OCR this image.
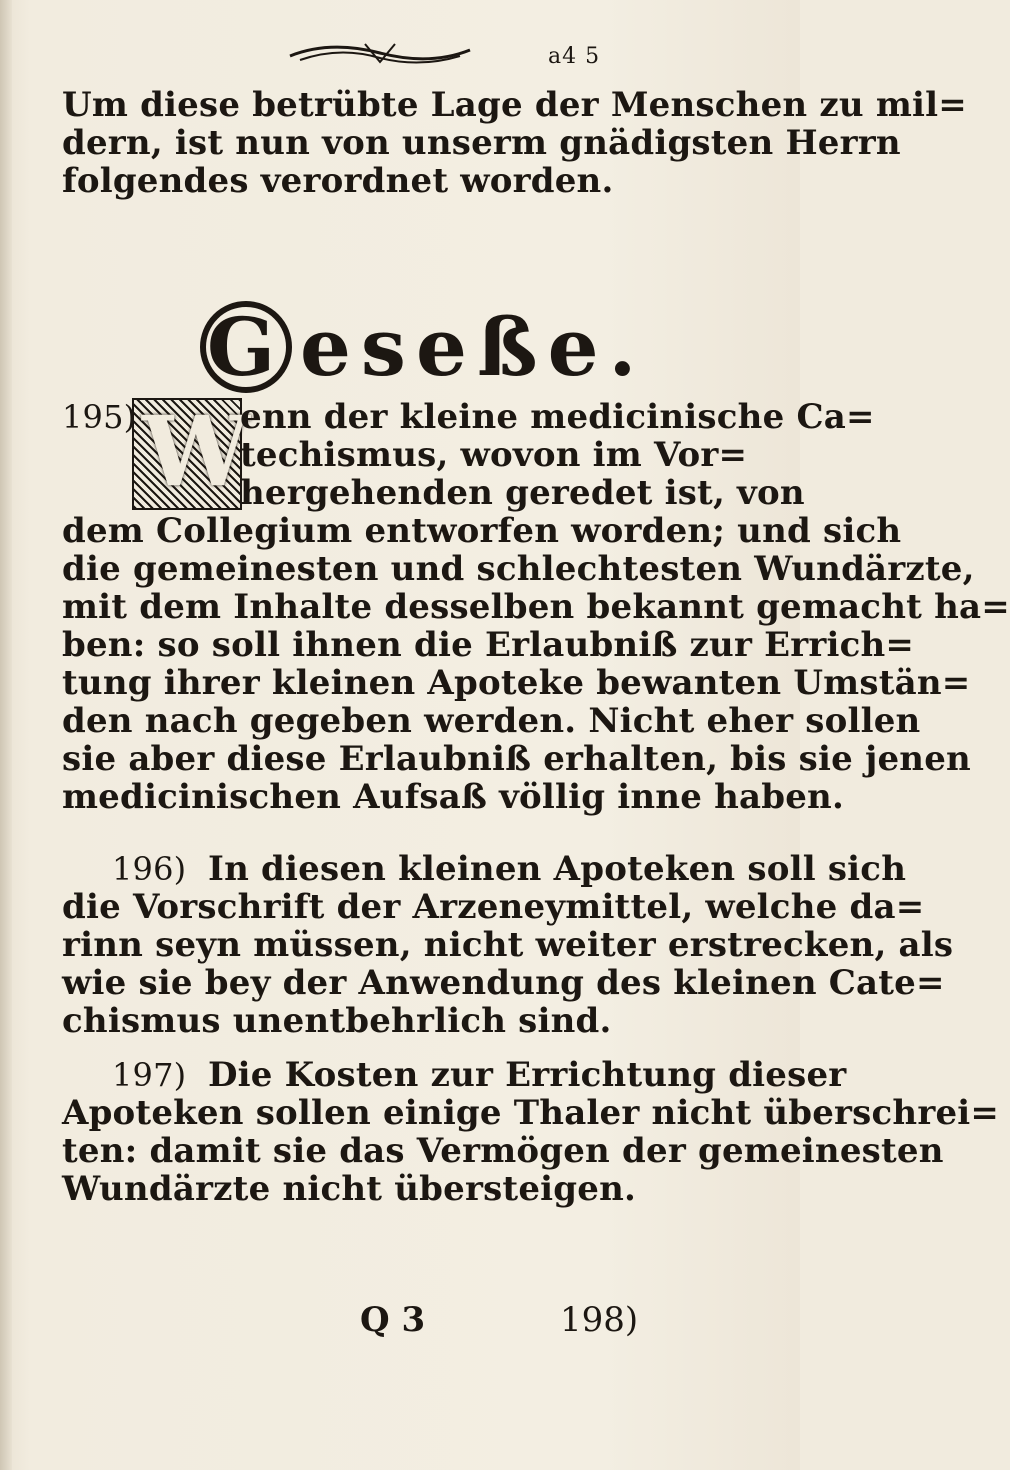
a4 5
Um diese betrübte Lage der Menschen zu mil=
dern, ist nun von unserm gnädigsten Herrn
folgendes verordnet worden.
G eseße.
W
195)	enn der kleine medicinische Ca=
techismus, wovon im Vor=
hergehenden geredet ist, von
dem Collegium entworfen worden; und sich
die gemeinesten und schlechtesten Wundärzte,
mit dem Inhalte desselben bekannt gemacht ha=
ben: so soll ihnen die Erlaubniß zur Errich=
tung ihrer kleinen Apoteke bewanten Umstän=
den nach gegeben werden. Nicht eher sollen
sie aber diese Erlaubniß erhalten, bis sie jenen
medicinischen Aufsaß völlig inne haben.
196) In diesen kleinen Apoteken soll sich
die Vorschrift der Arzeneymittel, welche da=
rinn seyn müssen, nicht weiter erstrecken, als
wie sie bey der Anwendung des kleinen Cate=
chismus unentbehrlich sind.
197) Die Kosten zur Errichtung dieser
Apoteken sollen einige Thaler nicht überschrei=
ten: damit sie das Vermögen der gemeinesten
Wundärzte nicht übersteigen.
Q 3	198)
